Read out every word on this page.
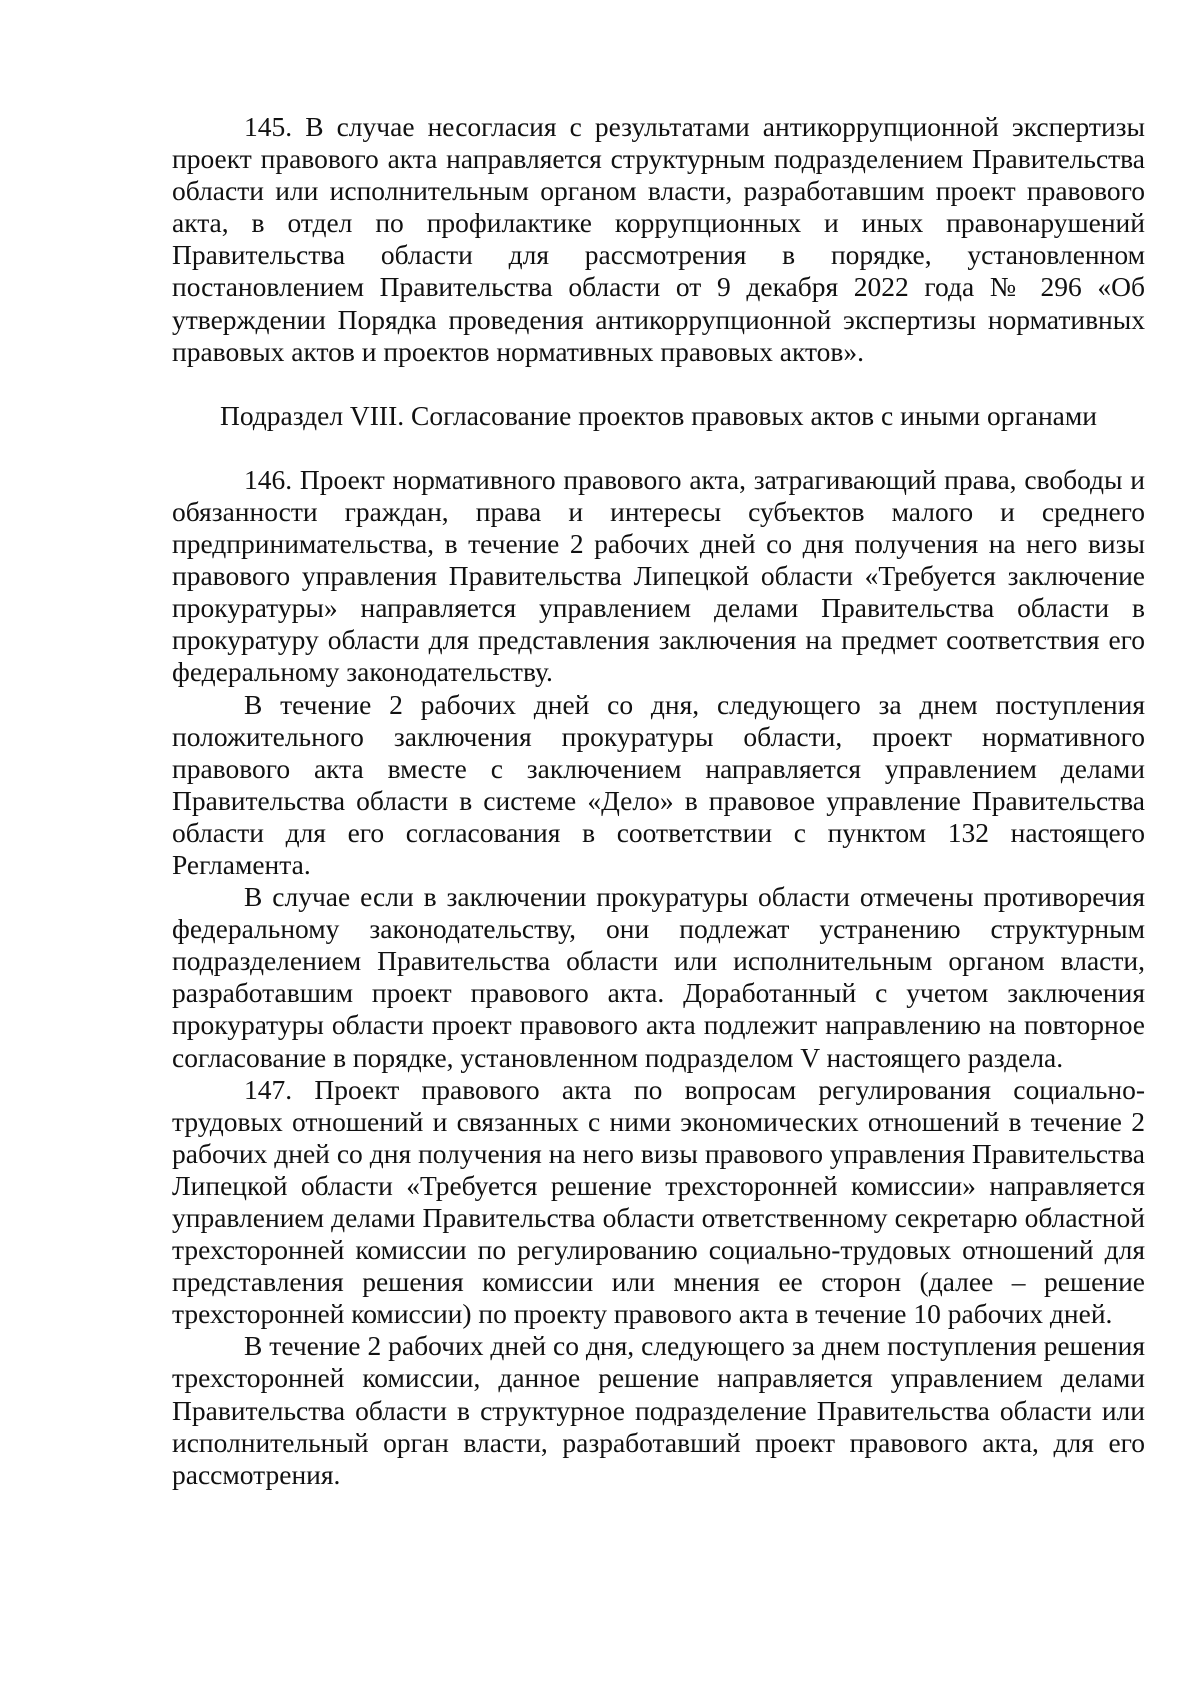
145. В случае несогласия с результатами антикоррупционной экспертизы проект правового акта направляется структурным подразделением Правительства области или исполнительным органом власти, разработавшим проект правового акта, в отдел по профилактике коррупционных и иных правонарушений Правительства области для рассмотрения в порядке, установленном постановлением Правительства области от 9 декабря 2022 года № 296 «Об утверждении Порядка проведения антикоррупционной экспертизы нормативных правовых актов и проектов нормативных правовых актов».

Подраздел VIII. Согласование проектов правовых актов с иными органами

146. Проект нормативного правового акта, затрагивающий права, свободы и обязанности граждан, права и интересы субъектов малого и среднего предпринимательства, в течение 2 рабочих дней со дня получения на него визы правового управления Правительства Липецкой области «Требуется заключение прокуратуры» направляется управлением делами Правительства области в прокуратуру области для представления заключения на предмет соответствия его федеральному законодательству.

В течение 2 рабочих дней со дня, следующего за днем поступления положительного заключения прокуратуры области, проект нормативного правового акта вместе с заключением направляется управлением делами Правительства области в системе «Дело» в правовое управление Правительства области для его согласования в соответствии с пунктом 132 настоящего Регламента.

В случае если в заключении прокуратуры области отмечены противоречия федеральному законодательству, они подлежат устранению структурным подразделением Правительства области или исполнительным органом власти, разработавшим проект правового акта. Доработанный с учетом заключения прокуратуры области проект правового акта подлежит направлению на повторное согласование в порядке, установленном подразделом V настоящего раздела.

147. Проект правового акта по вопросам регулирования социально-трудовых отношений и связанных с ними экономических отношений в течение 2 рабочих дней со дня получения на него визы правового управления Правительства Липецкой области «Требуется решение трехсторонней комиссии» направляется управлением делами Правительства области ответственному секретарю областной трехсторонней комиссии по регулированию социально-трудовых отношений для представления решения комиссии или мнения ее сторон (далее – решение трехсторонней комиссии) по проекту правового акта в течение 10 рабочих дней.

В течение 2 рабочих дней со дня, следующего за днем поступления решения трехсторонней комиссии, данное решение направляется управлением делами Правительства области в структурное подразделение Правительства области или исполнительный орган власти, разработавший проект правового акта, для его рассмотрения.
